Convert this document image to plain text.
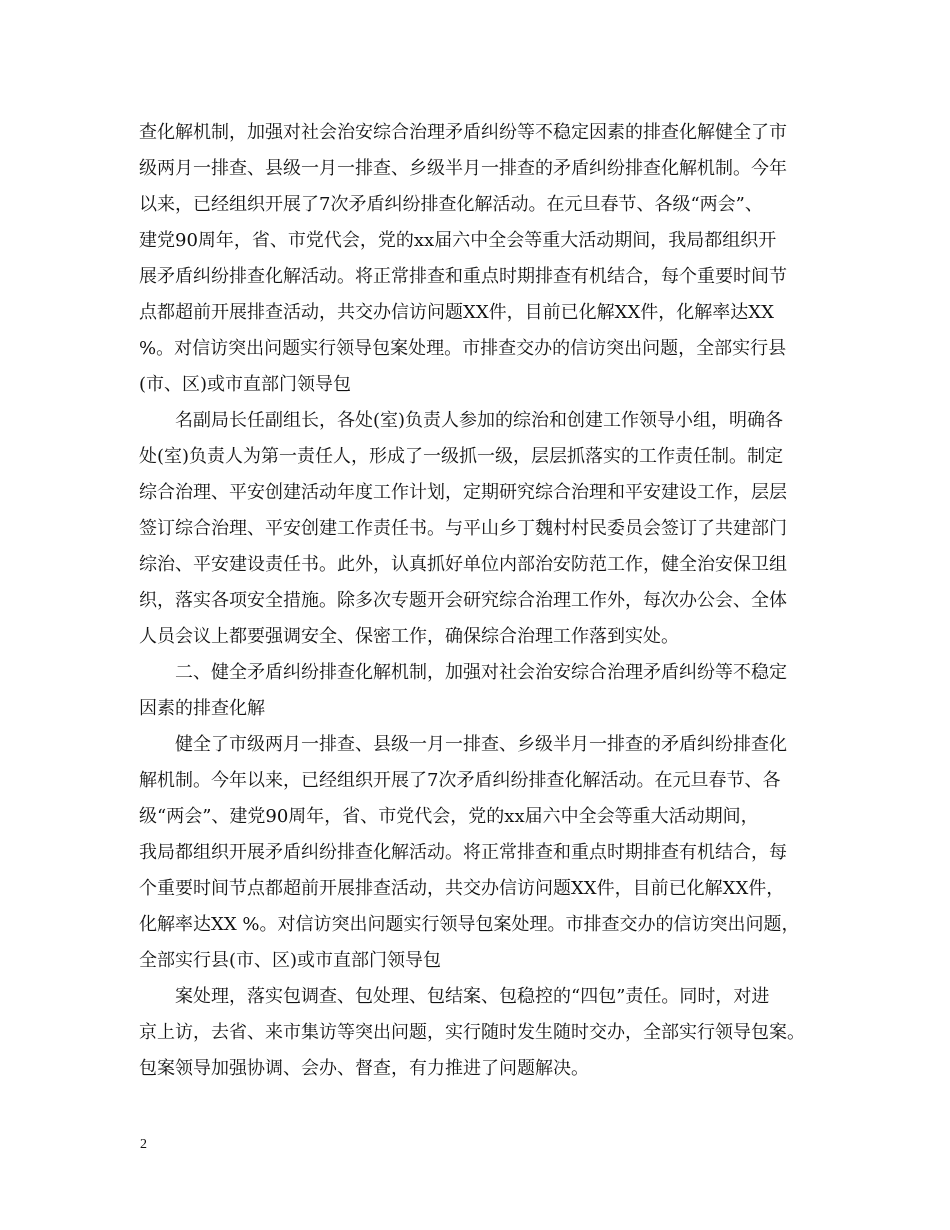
查化解机制，加强对社会治安综合治理矛盾纠纷等不稳定因素的排查化解健全了市
级两月一排查、县级一月一排查、乡级半月一排查的矛盾纠纷排查化解机制。今年
以来，已经组织开展了7次矛盾纠纷排查化解活动。在元旦春节、各级“两会”、
建党90周年，省、市党代会，党的xx届六中全会等重大活动期间，我局都组织开
展矛盾纠纷排查化解活动。将正常排查和重点时期排查有机结合，每个重要时间节
点都超前开展排查活动，共交办信访问题XX件，目前已化解XX件，化解率达XX
%。对信访突出问题实行领导包案处理。市排查交办的信访突出问题，全部实行县
(市、区)或市直部门领导包
名副局长任副组长，各处(室)负责人参加的综治和创建工作领导小组，明确各
处(室)负责人为第一责任人，形成了一级抓一级，层层抓落实的工作责任制。制定
综合治理、平安创建活动年度工作计划，定期研究综合治理和平安建设工作，层层
签订综合治理、平安创建工作责任书。与平山乡丁魏村村民委员会签订了共建部门
综治、平安建设责任书。此外，认真抓好单位内部治安防范工作，健全治安保卫组
织，落实各项安全措施。除多次专题开会研究综合治理工作外，每次办公会、全体
人员会议上都要强调安全、保密工作，确保综合治理工作落到实处。
二、健全矛盾纠纷排查化解机制，加强对社会治安综合治理矛盾纠纷等不稳定
因素的排查化解
健全了市级两月一排查、县级一月一排查、乡级半月一排查的矛盾纠纷排查化
解机制。今年以来，已经组织开展了7次矛盾纠纷排查化解活动。在元旦春节、各
级“两会”、建党90周年，省、市党代会，党的xx届六中全会等重大活动期间，
我局都组织开展矛盾纠纷排查化解活动。将正常排查和重点时期排查有机结合，每
个重要时间节点都超前开展排查活动，共交办信访问题XX件，目前已化解XX件，
化解率达XX %。对信访突出问题实行领导包案处理。市排查交办的信访突出问题，
全部实行县(市、区)或市直部门领导包
案处理，落实包调查、包处理、包结案、包稳控的“四包”责任。同时，对进
京上访，去省、来市集访等突出问题，实行随时发生随时交办，全部实行领导包案。
包案领导加强协调、会办、督查，有力推进了问题解决。
2
